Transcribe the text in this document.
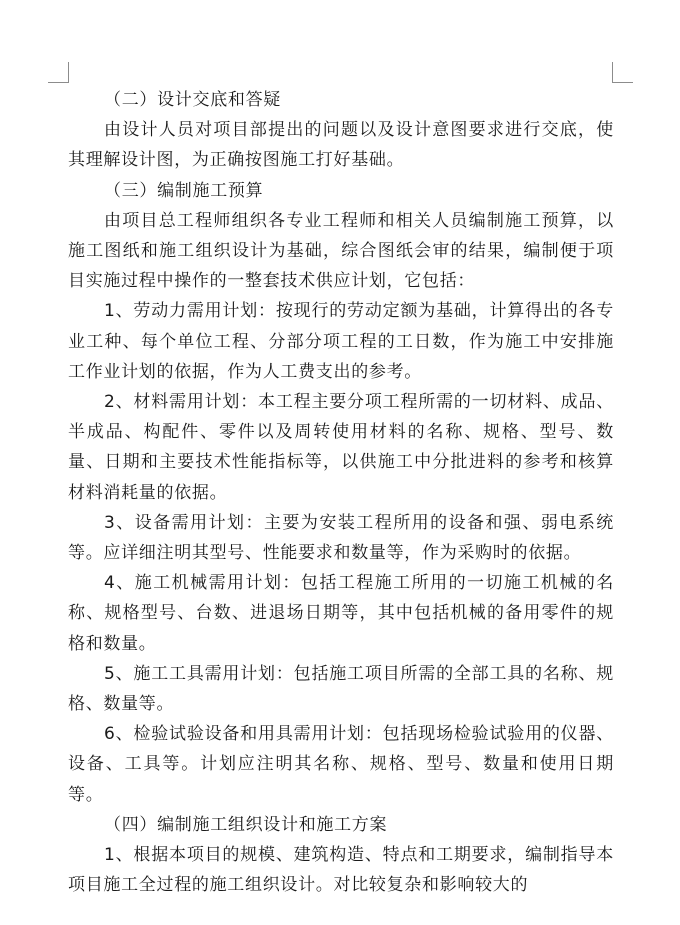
（二）设计交底和答疑

由设计人员对项目部提出的问题以及设计意图要求进行交底，使其理解设计图，为正确按图施工打好基础。

（三）编制施工预算

由项目总工程师组织各专业工程师和相关人员编制施工预算，以施工图纸和施工组织设计为基础，综合图纸会审的结果，编制便于项目实施过程中操作的一整套技术供应计划，它包括：

1、劳动力需用计划：按现行的劳动定额为基础，计算得出的各专业工种、每个单位工程、分部分项工程的工日数，作为施工中安排施工作业计划的依据，作为人工费支出的参考。

2、材料需用计划：本工程主要分项工程所需的一切材料、成品、半成品、构配件、零件以及周转使用材料的名称、规格、型号、数量、日期和主要技术性能指标等，以供施工中分批进料的参考和核算材料消耗量的依据。

3、设备需用计划：主要为安装工程所用的设备和强、弱电系统等。应详细注明其型号、性能要求和数量等，作为采购时的依据。

4、施工机械需用计划：包括工程施工所用的一切施工机械的名称、规格型号、台数、进退场日期等，其中包括机械的备用零件的规格和数量。

5、施工工具需用计划：包括施工项目所需的全部工具的名称、规格、数量等。

6、检验试验设备和用具需用计划：包括现场检验试验用的仪器、设备、工具等。计划应注明其名称、规格、型号、数量和使用日期等。

（四）编制施工组织设计和施工方案

1、根据本项目的规模、建筑构造、特点和工期要求，编制指导本项目施工全过程的施工组织设计。对比较复杂和影响较大的
